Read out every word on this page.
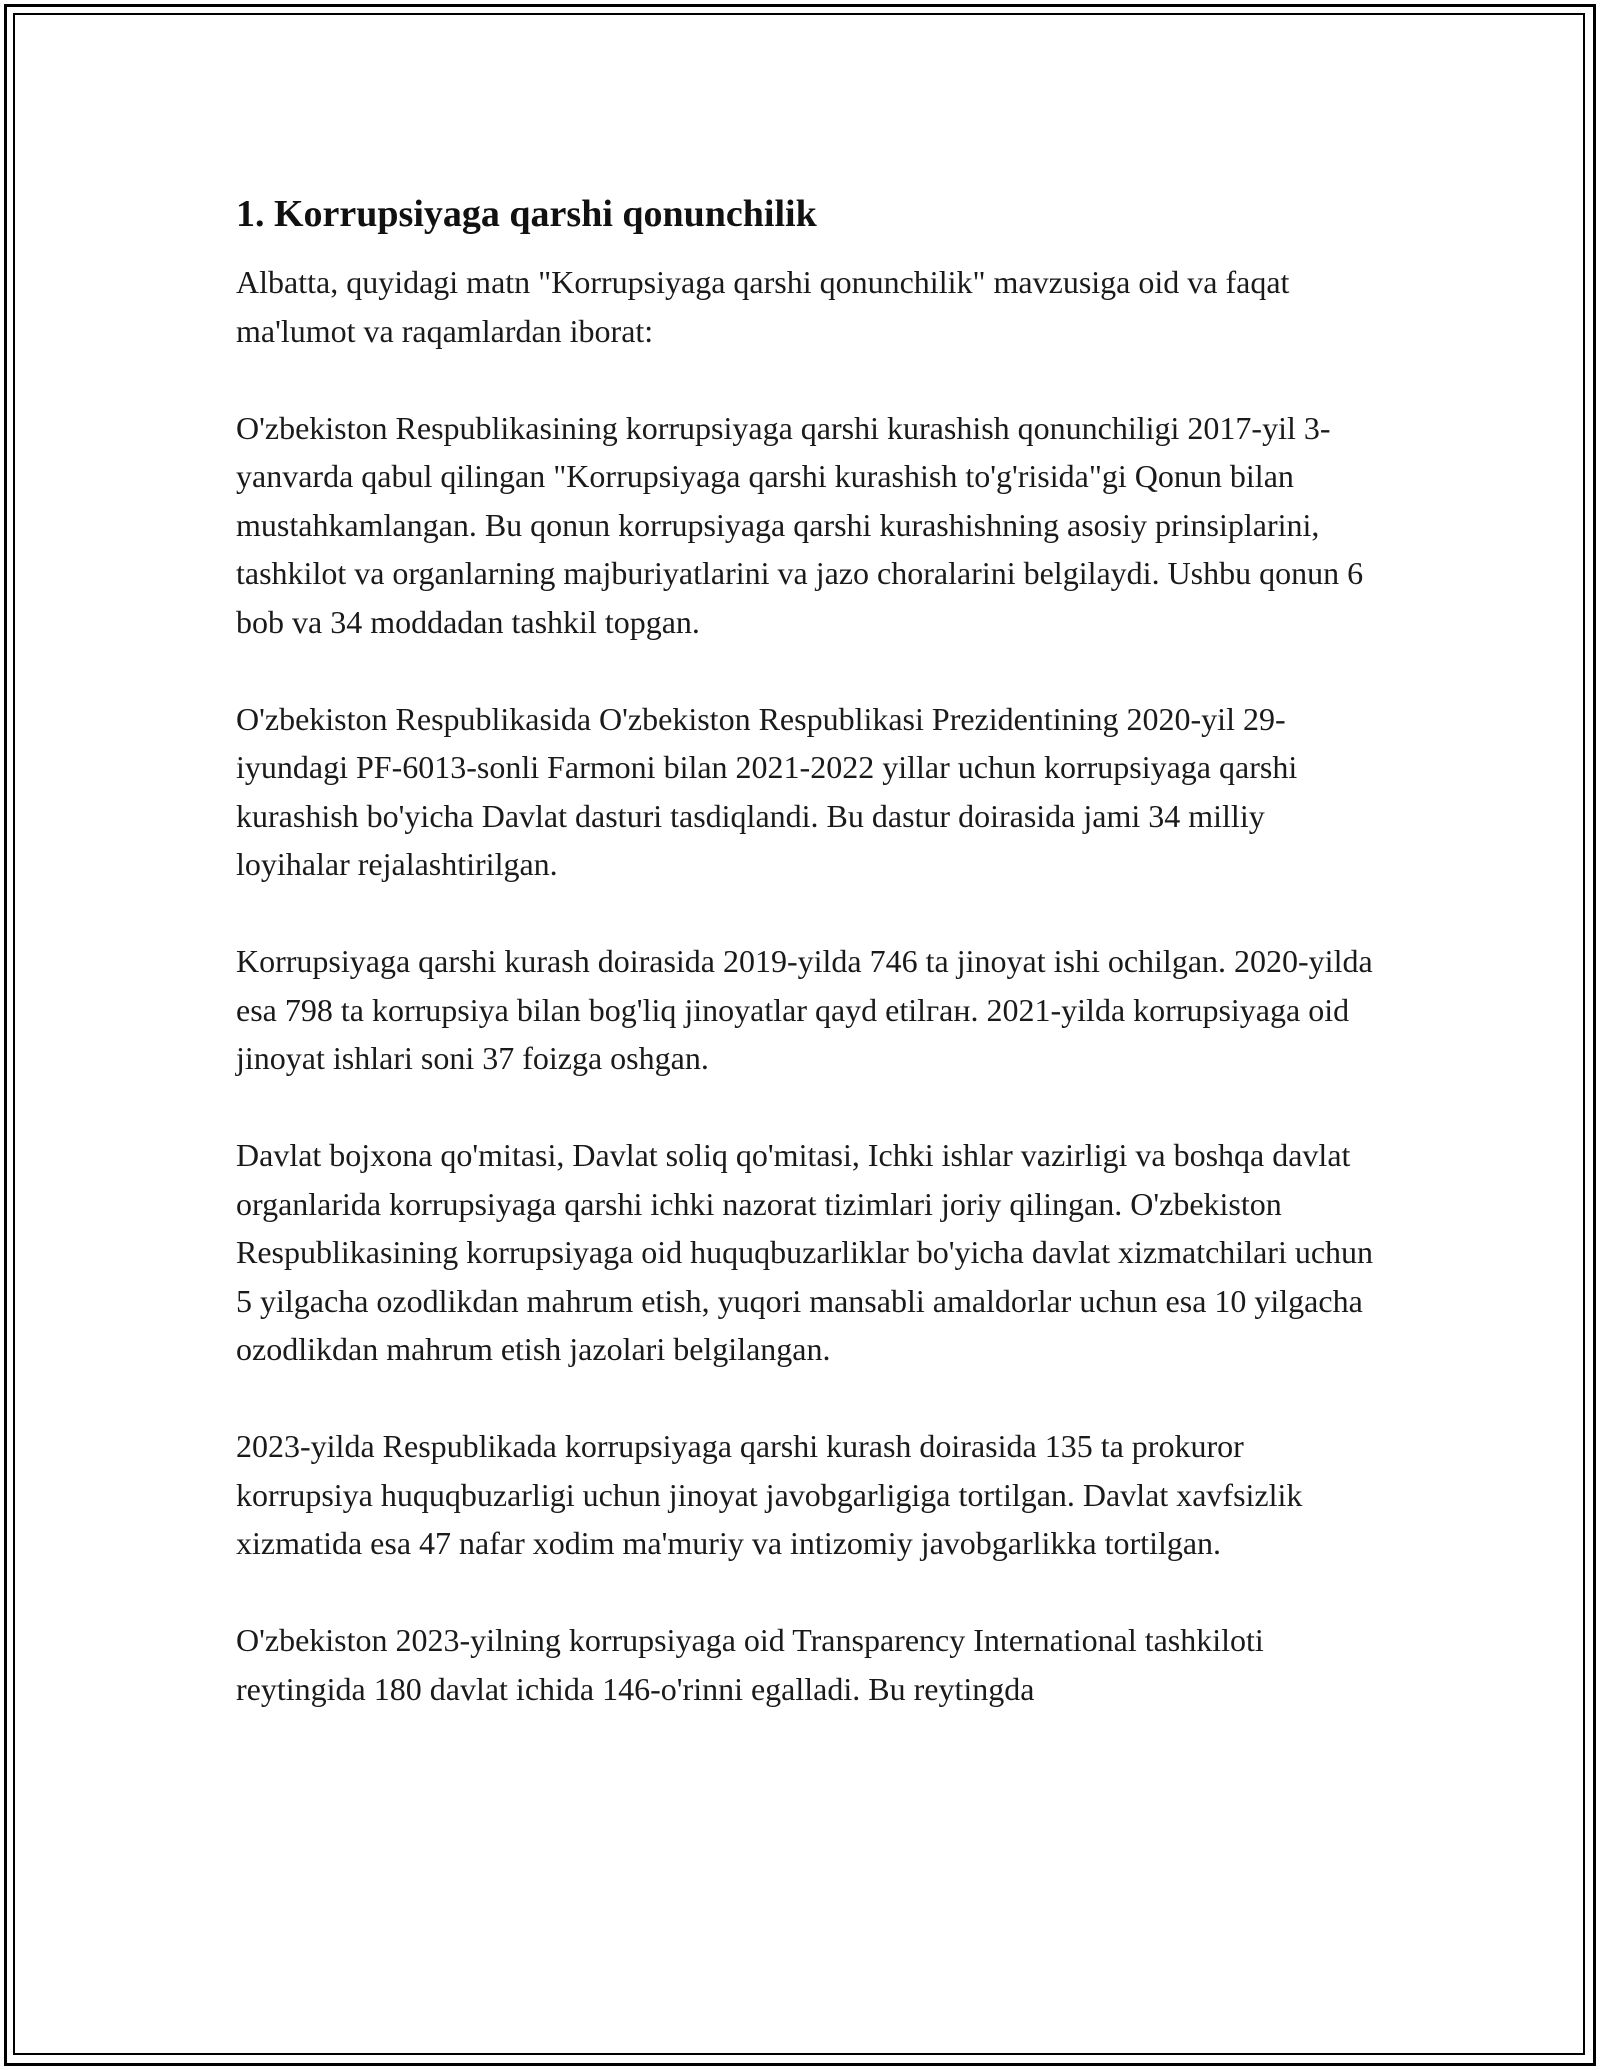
1. Korrupsiyaga qarshi qonunchilik

Albatta, quyidagi matn "Korrupsiyaga qarshi qonunchilik" mavzusiga oid va faqat ma'lumot va raqamlardan iborat:

O'zbekiston Respublikasining korrupsiyaga qarshi kurashish qonunchiligi 2017-yil 3-yanvarda qabul qilingan "Korrupsiyaga qarshi kurashish to'g'risida"gi Qonun bilan mustahkamlangan. Bu qonun korrupsiyaga qarshi kurashishning asosiy prinsiplarini, tashkilot va organlarning majburiyatlarini va jazo choralarini belgilaydi. Ushbu qonun 6 bob va 34 moddadan tashkil topgan.

O'zbekiston Respublikasida O'zbekiston Respublikasi Prezidentining 2020-yil 29-iyundagi PF-6013-sonli Farmoni bilan 2021-2022 yillar uchun korrupsiyaga qarshi kurashish bo'yicha Davlat dasturi tasdiqlandi. Bu dastur doirasida jami 34 milliy loyihalar rejalashtirilgan.

Korrupsiyaga qarshi kurash doirasida 2019-yilda 746 ta jinoyat ishi ochilgan. 2020-yilda esa 798 ta korrupsiya bilan bog'liq jinoyatlar qayd etilган. 2021-yilda korrupsiyaga oid jinoyat ishlari soni 37 foizga oshgan.

Davlat bojxona qo'mitasi, Davlat soliq qo'mitasi, Ichki ishlar vazirligi va boshqa davlat organlarida korrupsiyaga qarshi ichki nazorat tizimlari joriy qilingan. O'zbekiston Respublikasining korrupsiyaga oid huquqbuzarliklar bo'yicha davlat xizmatchilari uchun 5 yilgacha ozodlikdan mahrum etish, yuqori mansabli amaldorlar uchun esa 10 yilgacha ozodlikdan mahrum etish jazolari belgilangan.

2023-yilda Respublikada korrupsiyaga qarshi kurash doirasida 135 ta prokuror korrupsiya huquqbuzarligi uchun jinoyat javobgarligiga tortilgan. Davlat xavfsizlik xizmatida esa 47 nafar xodim ma'muriy va intizomiy javobgarlikka tortilgan.

O'zbekiston 2023-yilning korrupsiyaga oid Transparency International tashkiloti reytingida 180 davlat ichida 146-o'rinni egalladi. Bu reytingda
